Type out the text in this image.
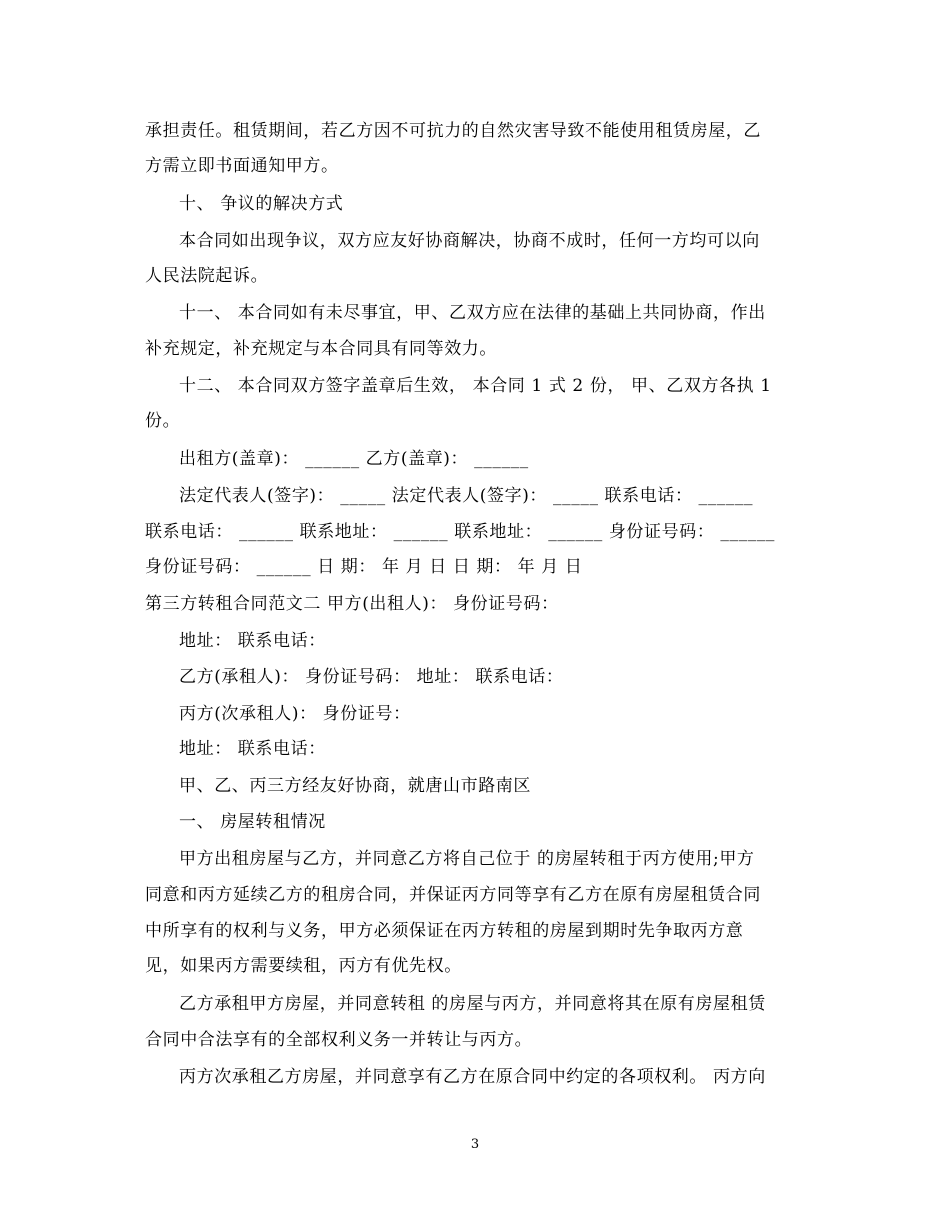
承担责任。租赁期间，若乙方因不可抗力的自然灾害导致不能使用租赁房屋，乙
方需立即书面通知甲方。
十、 争议的解决方式
本合同如出现争议，双方应友好协商解决，协商不成时，任何一方均可以向
人民法院起诉。
十一、 本合同如有未尽事宜，甲、乙双方应在法律的基础上共同协商，作出
补充规定，补充规定与本合同具有同等效力。
十二、 本合同双方签字盖章后生效， 本合同 1 式 2 份， 甲、乙双方各执 1
份。
出租方(盖章)： ______ 乙方(盖章)： ______
法定代表人(签字)： _____ 法定代表人(签字)： _____ 联系电话： ______
联系电话： ______ 联系地址： ______ 联系地址： ______ 身份证号码： ______
身份证号码： ______ 日 期： 年 月 日 日 期： 年 月 日
第三方转租合同范文二 甲方(出租人)： 身份证号码：
地址： 联系电话：
乙方(承租人)： 身份证号码： 地址： 联系电话：
丙方(次承租人)： 身份证号：
地址： 联系电话：
甲、乙、丙三方经友好协商，就唐山市路南区
一、 房屋转租情况
甲方出租房屋与乙方，并同意乙方将自己位于 的房屋转租于丙方使用;甲方
同意和丙方延续乙方的租房合同，并保证丙方同等享有乙方在原有房屋租赁合同
中所享有的权利与义务，甲方必须保证在丙方转租的房屋到期时先争取丙方意
见，如果丙方需要续租，丙方有优先权。
乙方承租甲方房屋，并同意转租 的房屋与丙方，并同意将其在原有房屋租赁
合同中合法享有的全部权利义务一并转让与丙方。
丙方次承租乙方房屋，并同意享有乙方在原合同中约定的各项权利。 丙方向
3
